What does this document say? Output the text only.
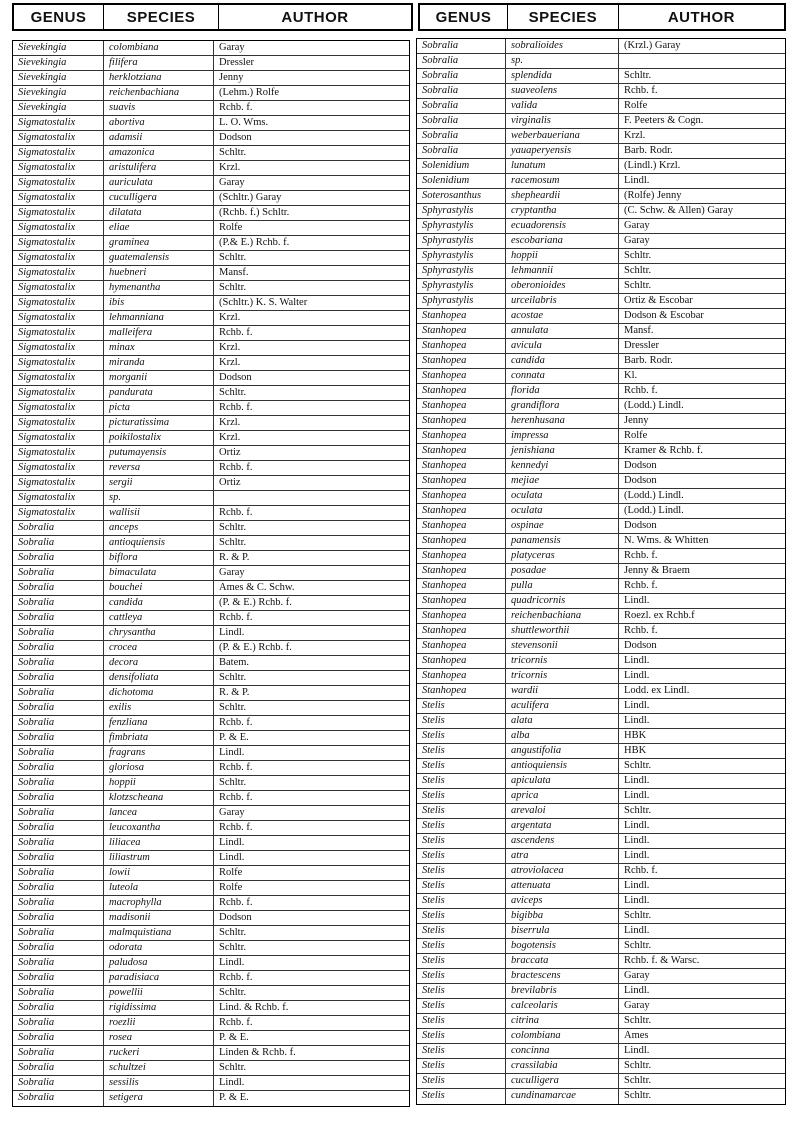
GENUS	SPECIES	AUTHOR	GENUS	SPECIES	AUTHOR
Sievekingia	colombiana	Garay
Sievekingia	filifera	Dressler
Sievekingia	herklotziana	Jenny
Sievekingia	reichenbachiana	(Lehm.) Rolfe
Sievekingia	suavis	Rchb. f.
Sigmatostalix	abortiva	L. O. Wms.
Sigmatostalix	adamsii	Dodson
Sigmatostalix	amazonica	Schltr.
Sigmatostalix	aristulifera	Krzl.
Sigmatostalix	auriculata	Garay
Sigmatostalix	cuculligera	(Schltr.) Garay
Sigmatostalix	dilatata	(Rchb. f.) Schltr.
Sigmatostalix	eliae	Rolfe
Sigmatostalix	graminea	(P.& E.) Rchb. f.
Sigmatostalix	guatemalensis	Schltr.
Sigmatostalix	huebneri	Mansf.
Sigmatostalix	hymenantha	Schltr.
Sigmatostalix	ibis	(Schltr.) K. S. Walter
Sigmatostalix	lehmanniana	Krzl.
Sigmatostalix	malleifera	Rchb. f.
Sigmatostalix	minax	Krzl.
Sigmatostalix	miranda	Krzl.
Sigmatostalix	morganii	Dodson
Sigmatostalix	pandurata	Schltr.
Sigmatostalix	picta	Rchb. f.
Sigmatostalix	picturatissima	Krzl.
Sigmatostalix	poikilostalix	Krzl.
Sigmatostalix	putumayensis	Ortiz
Sigmatostalix	reversa	Rchb. f.
Sigmatostalix	sergii	Ortiz
Sigmatostalix	sp.
Sigmatostalix	wallisii	Rchb. f.
Sobralia	anceps	Schltr.
Sobralia	antioquiensis	Schltr.
Sobralia	biflora	R. & P.
Sobralia	bimaculata	Garay
Sobralia	bouchei	Ames & C. Schw.
Sobralia	candida	(P. & E.) Rchb. f.
Sobralia	cattleya	Rchb. f.
Sobralia	chrysantha	Lindl.
Sobralia	crocea	(P. & E.) Rchb. f.
Sobralia	decora	Batem.
Sobralia	densifoliata	Schltr.
Sobralia	dichotoma	R. & P.
Sobralia	exilis	Schltr.
Sobralia	fenzliana	Rchb. f.
Sobralia	fimbriata	P. & E.
Sobralia	fragrans	Lindl.
Sobralia	gloriosa	Rchb. f.
Sobralia	hoppii	Schltr.
Sobralia	klotzscheana	Rchb. f.
Sobralia	lancea	Garay
Sobralia	leucoxantha	Rchb. f.
Sobralia	liliacea	Lindl.
Sobralia	liliastrum	Lindl.
Sobralia	lowii	Rolfe
Sobralia	luteola	Rolfe
Sobralia	macrophylla	Rchb. f.
Sobralia	madisonii	Dodson
Sobralia	malmquistiana	Schltr.
Sobralia	odorata	Schltr.
Sobralia	paludosa	Lindl.
Sobralia	paradisiaca	Rchb. f.
Sobralia	powellii	Schltr.
Sobralia	rigidissima	Lind. & Rchb. f.
Sobralia	roezlii	Rchb. f.
Sobralia	rosea	P. & E.
Sobralia	ruckeri	Linden & Rchb. f.
Sobralia	schultzei	Schltr.
Sobralia	sessilis	Lindl.
Sobralia	setigera	P. & E.
Sobralia	sobralioides	(Krzl.) Garay
Sobralia	sp.
Sobralia	splendida	Schltr.
Sobralia	suaveolens	Rchb. f.
Sobralia	valida	Rolfe
Sobralia	virginalis	F. Peeters & Cogn.
Sobralia	weberbaueriana	Krzl.
Sobralia	yauaperyensis	Barb. Rodr.
Solenidium	lunatum	(Lindl.) Krzl.
Solenidium	racemosum	Lindl.
Soterosanthus	shepheardii	(Rolfe) Jenny
Sphyrastylis	cryptantha	(C. Schw. & Allen) Garay
Sphyrastylis	ecuadorensis	Garay
Sphyrastylis	escobariana	Garay
Sphyrastylis	hoppii	Schltr.
Sphyrastylis	lehmannii	Schltr.
Sphyrastylis	oberonioides	Schltr.
Sphyrastylis	urceilabris	Ortiz & Escobar
Stanhopea	acostae	Dodson & Escobar
Stanhopea	annulata	Mansf.
Stanhopea	avicula	Dressler
Stanhopea	candida	Barb. Rodr.
Stanhopea	connata	Kl.
Stanhopea	florida	Rchb. f.
Stanhopea	grandiflora	(Lodd.) Lindl.
Stanhopea	herenhusana	Jenny
Stanhopea	impressa	Rolfe
Stanhopea	jenishiana	Kramer & Rchb. f.
Stanhopea	kennedyi	Dodson
Stanhopea	mejiae	Dodson
Stanhopea	oculata	(Lodd.) Lindl.
Stanhopea	oculata	(Lodd.) Lindl.
Stanhopea	ospinae	Dodson
Stanhopea	panamensis	N. Wms. & Whitten
Stanhopea	platyceras	Rchb. f.
Stanhopea	posadae	Jenny & Braem
Stanhopea	pulla	Rchb. f.
Stanhopea	quadricornis	Lindl.
Stanhopea	reichenbachiana	Roezl. ex Rchb.f
Stanhopea	shuttleworthii	Rchb. f.
Stanhopea	stevensonii	Dodson
Stanhopea	tricornis	Lindl.
Stanhopea	tricornis	Lindl.
Stanhopea	wardii	Lodd. ex Lindl.
Stelis	aculifera	Lindl.
Stelis	alata	Lindl.
Stelis	alba	HBK
Stelis	angustifolia	HBK
Stelis	antioquiensis	Schltr.
Stelis	apiculata	Lindl.
Stelis	aprica	Lindl.
Stelis	arevaloi	Schltr.
Stelis	argentata	Lindl.
Stelis	ascendens	Lindl.
Stelis	atra	Lindl.
Stelis	atroviolacea	Rchb. f.
Stelis	attenuata	Lindl.
Stelis	aviceps	Lindl.
Stelis	bigibba	Schltr.
Stelis	biserrula	Lindl.
Stelis	bogotensis	Schltr.
Stelis	braccata	Rchb. f. & Warsc.
Stelis	bractescens	Garay
Stelis	brevilabris	Lindl.
Stelis	calceolaris	Garay
Stelis	citrina	Schltr.
Stelis	colombiana	Ames
Stelis	concinna	Lindl.
Stelis	crassilabia	Schltr.
Stelis	cuculligera	Schltr.
Stelis	cundinamarcae	Schltr.
